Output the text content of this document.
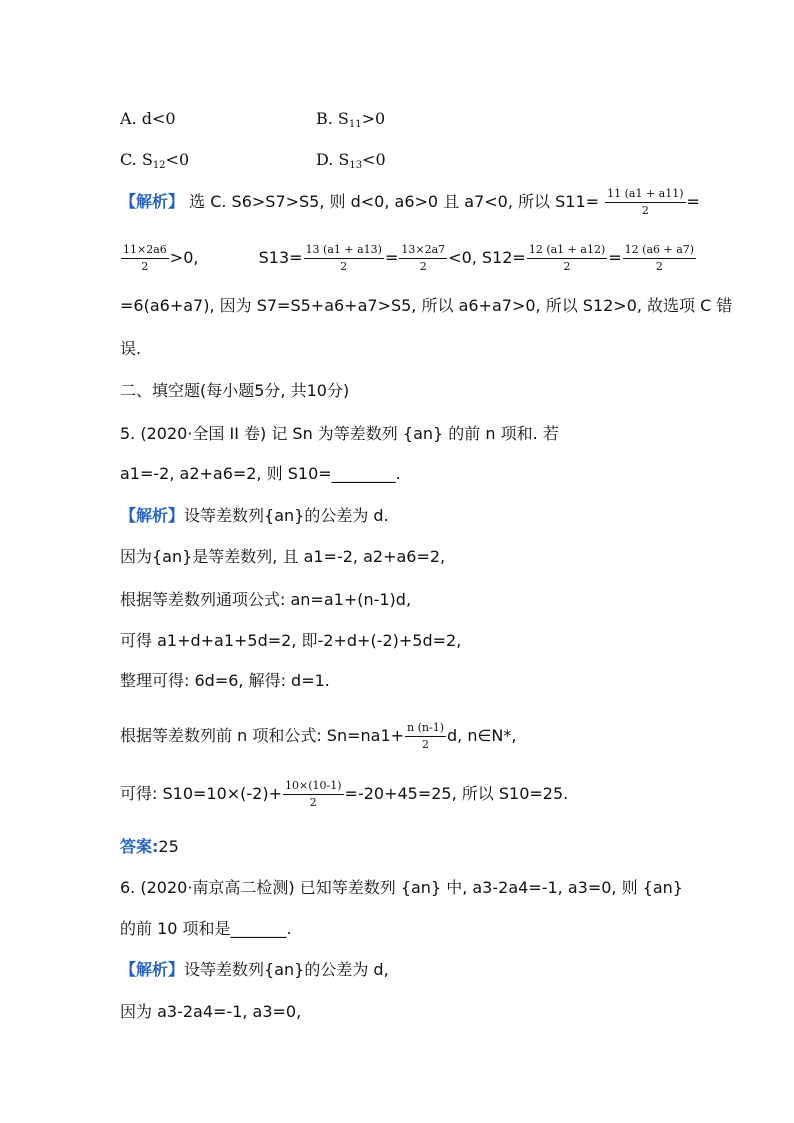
A. d<0	B. $S_{11}>0$
C. $S_{12}<0$	D. $S_{13}<0$
【解析】 选 C. S6>S7>S5, 则 d<0, a6>0 且 a7<0, 所以 $S11= \frac{11 (a1 + a11)}{2}$ =
$\frac{11\times 2a6}{2} >0$,	$S13= \frac{13 (a1 + a13)}{2} = \frac{13\times 2a7}{2} <0$, $S12= \frac{12 (a1 + a12)}{2} = \frac{12 (a6 + a7)}{2}$
=6(a6+a7), 因为 S7=S5+a6+a7>S5, 所以 a6+a7>0, 所以 S12>0, 故选项 C 错
误.
二、填空题(每小题5分, 共10分)
5. (2020·全国 II 卷) 记 Sn 为等差数列 {an} 的前 n 项和. 若
a1=-2, a2+a6=2, 则 S10=________.
【解析】设等差数列{an}的公差为 d.
因为{an}是等差数列, 且 a1=-2, a2+a6=2,
根据等差数列通项公式: an=a1+(n-1)d,
可得 a1+d+a1+5d=2, 即-2+d+(-2)+5d=2,
整理可得: 6d=6, 解得: d=1.
根据等差数列前 n 项和公式: $Sn=na1+ \frac{n (n-1)}{2} d$, n∈N*,
可得: $S10=10\times(-2)+ \frac{10\times(10-1)}{2} =-20+45=25$, 所以 S10=25.
答案:25
6. (2020·南京高二检测) 已知等差数列 {an} 中, a3-2a4=-1, a3=0, 则 {an}
的前 10 项和是_______.
【解析】设等差数列{an}的公差为 d,
因为 a3-2a4=-1, a3=0,
